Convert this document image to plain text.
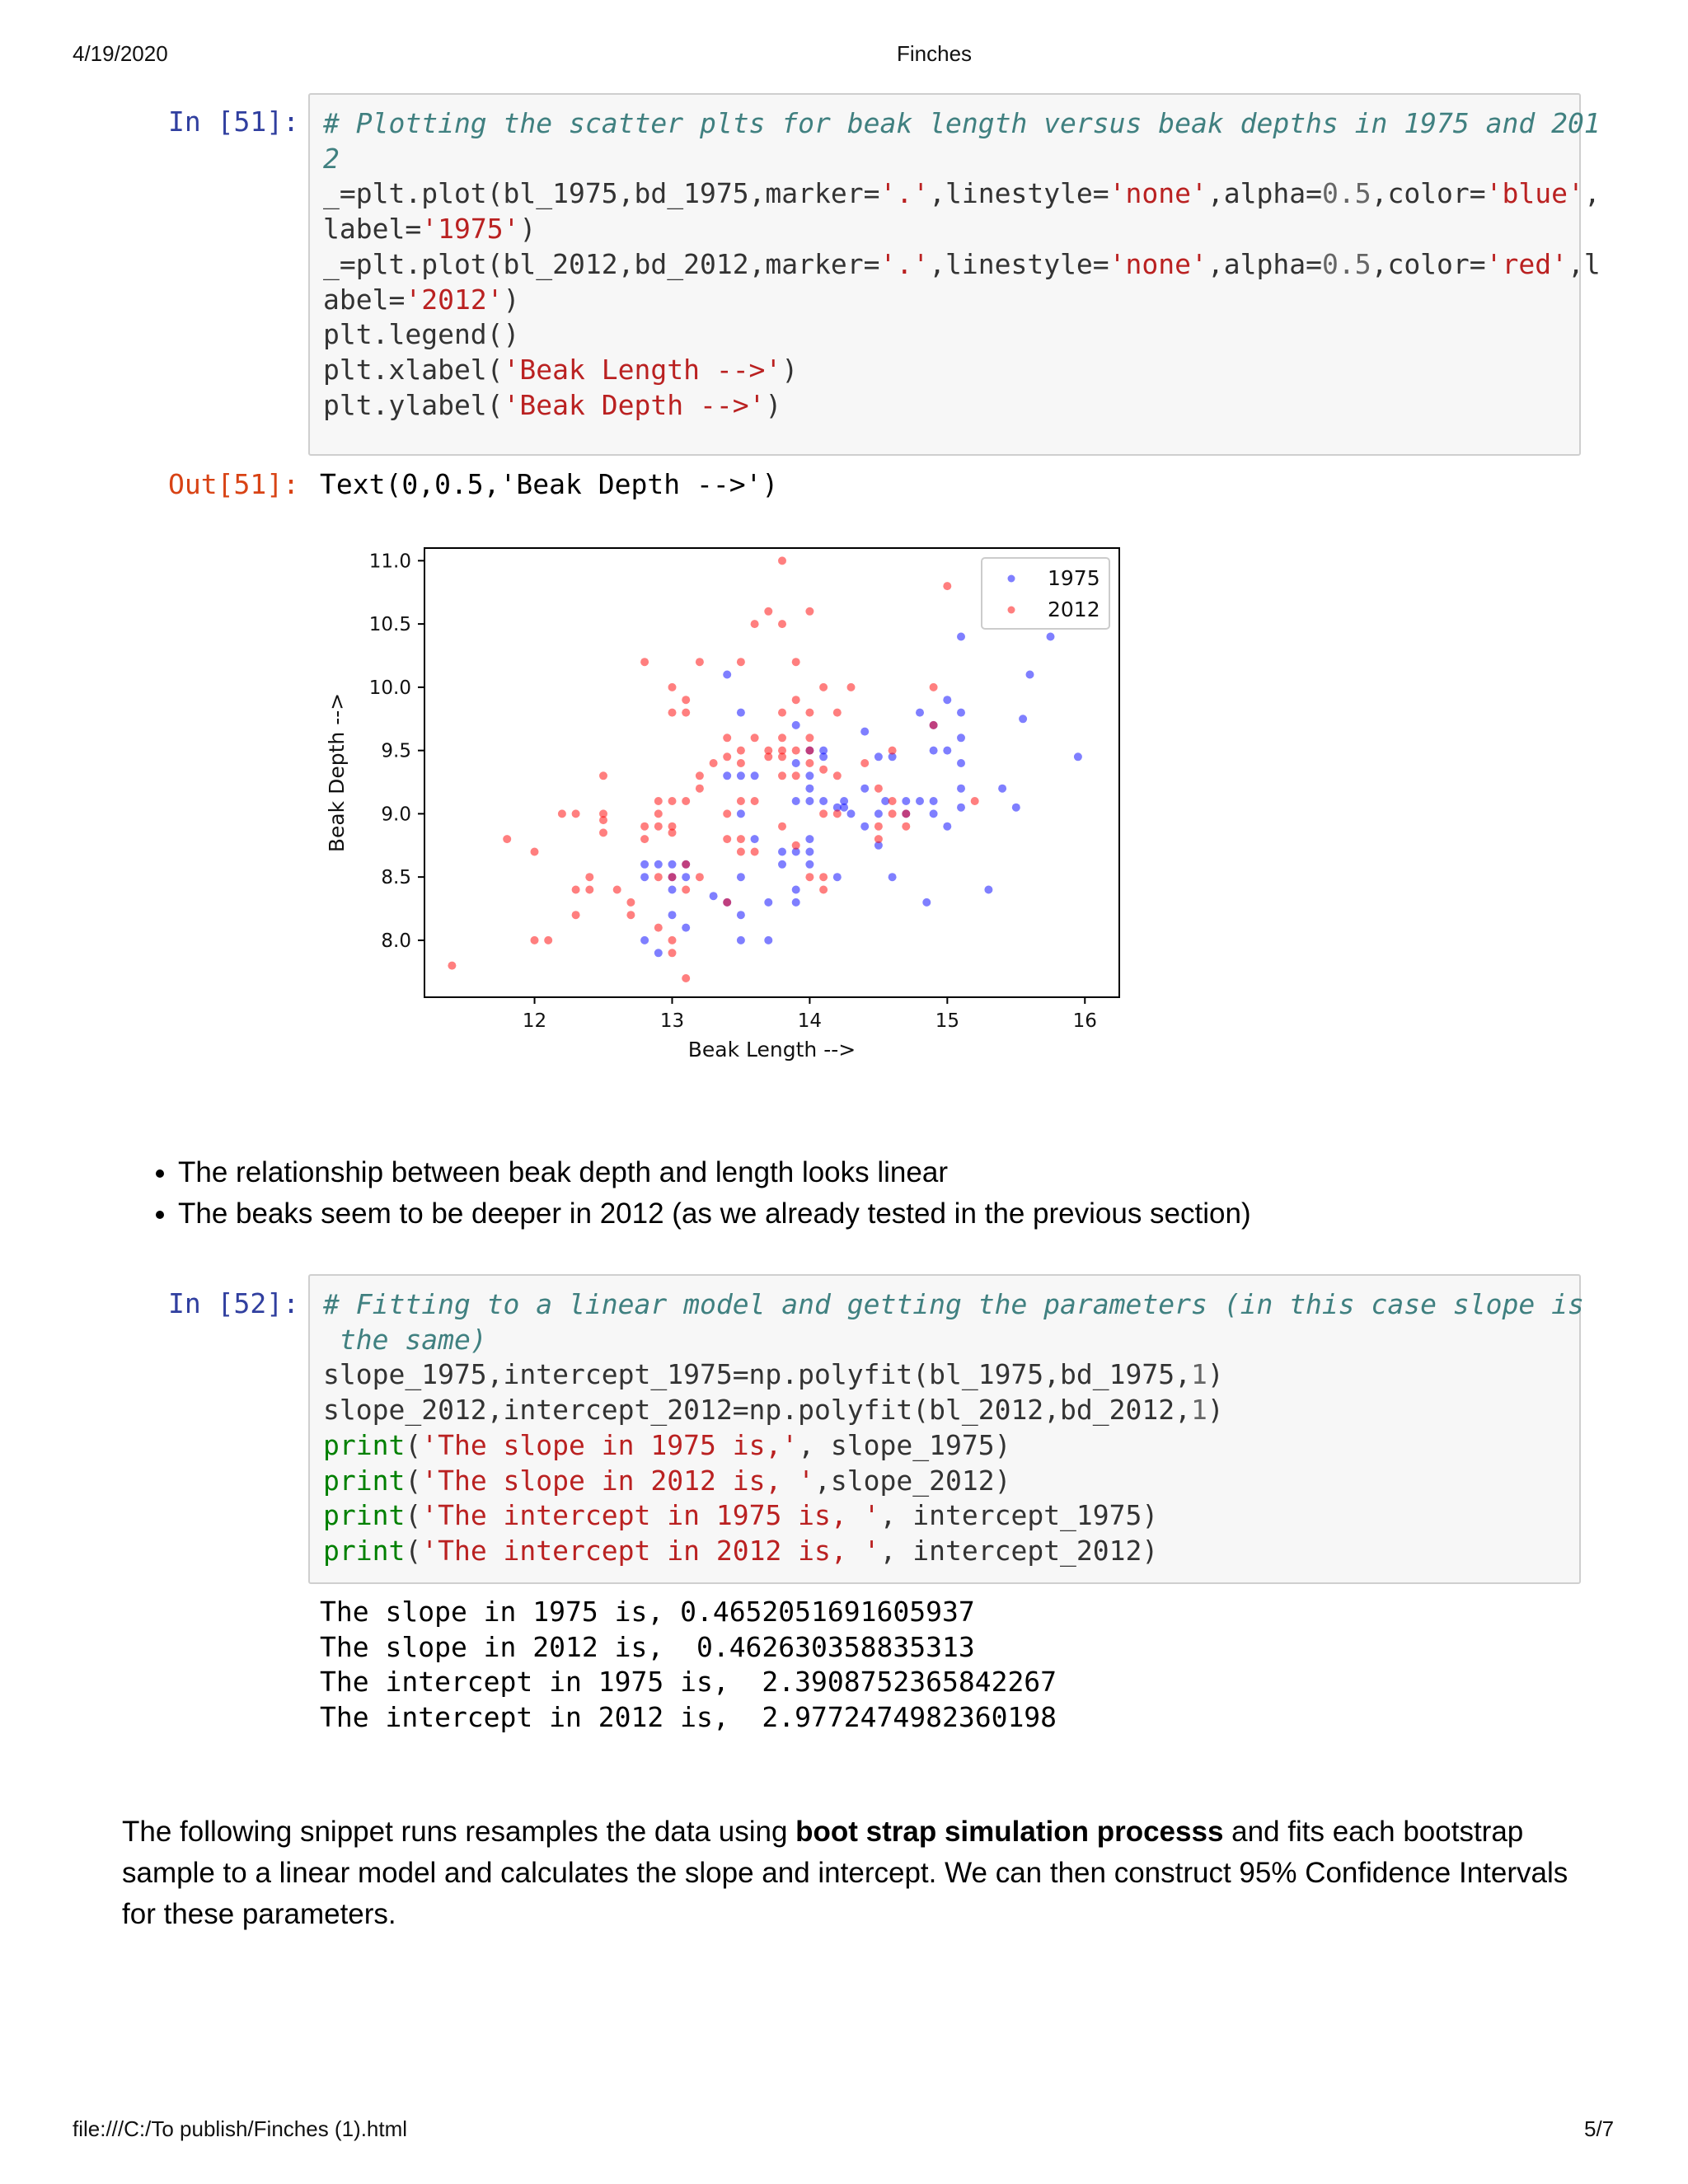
4/19/2020	Finches
In [51]: # Plotting the scatter plts for beak length versus beak depths in 1975 and 201
2
_=plt.plot(bl_1975,bd_1975,marker='.',linestyle='none',alpha=0.5,color='blue',
label='1975')
_=plt.plot(bl_2012,bd_2012,marker='.',linestyle='none',alpha=0.5,color='red',l
abel='2012')
plt.legend()
plt.xlabel('Beak Length -->')
plt.ylabel('Beak Depth -->')
Out[51]: Text(0,0.5,'Beak Depth -->')
12	13	14	15	16
8.0
8.5
9.0
9.5
10.0
10.5
11.0
Beak Length -->
Beak Depth -->
1975
2012
• The relationship between beak depth and length looks linear
• The beaks seem to be deeper in 2012 (as we already tested in the previous section)
In [52]: # Fitting to a linear model and getting the parameters (in this case slope is
the same)
slope_1975,intercept_1975=np.polyfit(bl_1975,bd_1975,1)
slope_2012,intercept_2012=np.polyfit(bl_2012,bd_2012,1)
print('The slope in 1975 is,', slope_1975)
print('The slope in 2012 is, ',slope_2012)
print('The intercept in 1975 is, ', intercept_1975)
print('The intercept in 2012 is, ', intercept_2012)
The slope in 1975 is, 0.4652051691605937
The slope in 2012 is,  0.462630358835313
The intercept in 1975 is,  2.3908752365842267
The intercept in 2012 is,  2.9772474982360198

The following snippet runs resamples the data using boot strap simulation processs and fits each bootstrap sample to a linear model and calculates the slope and intercept. We can then construct 95% Confidence Intervals for these parameters.

file:///C:/To publish/Finches (1).html	5/7
